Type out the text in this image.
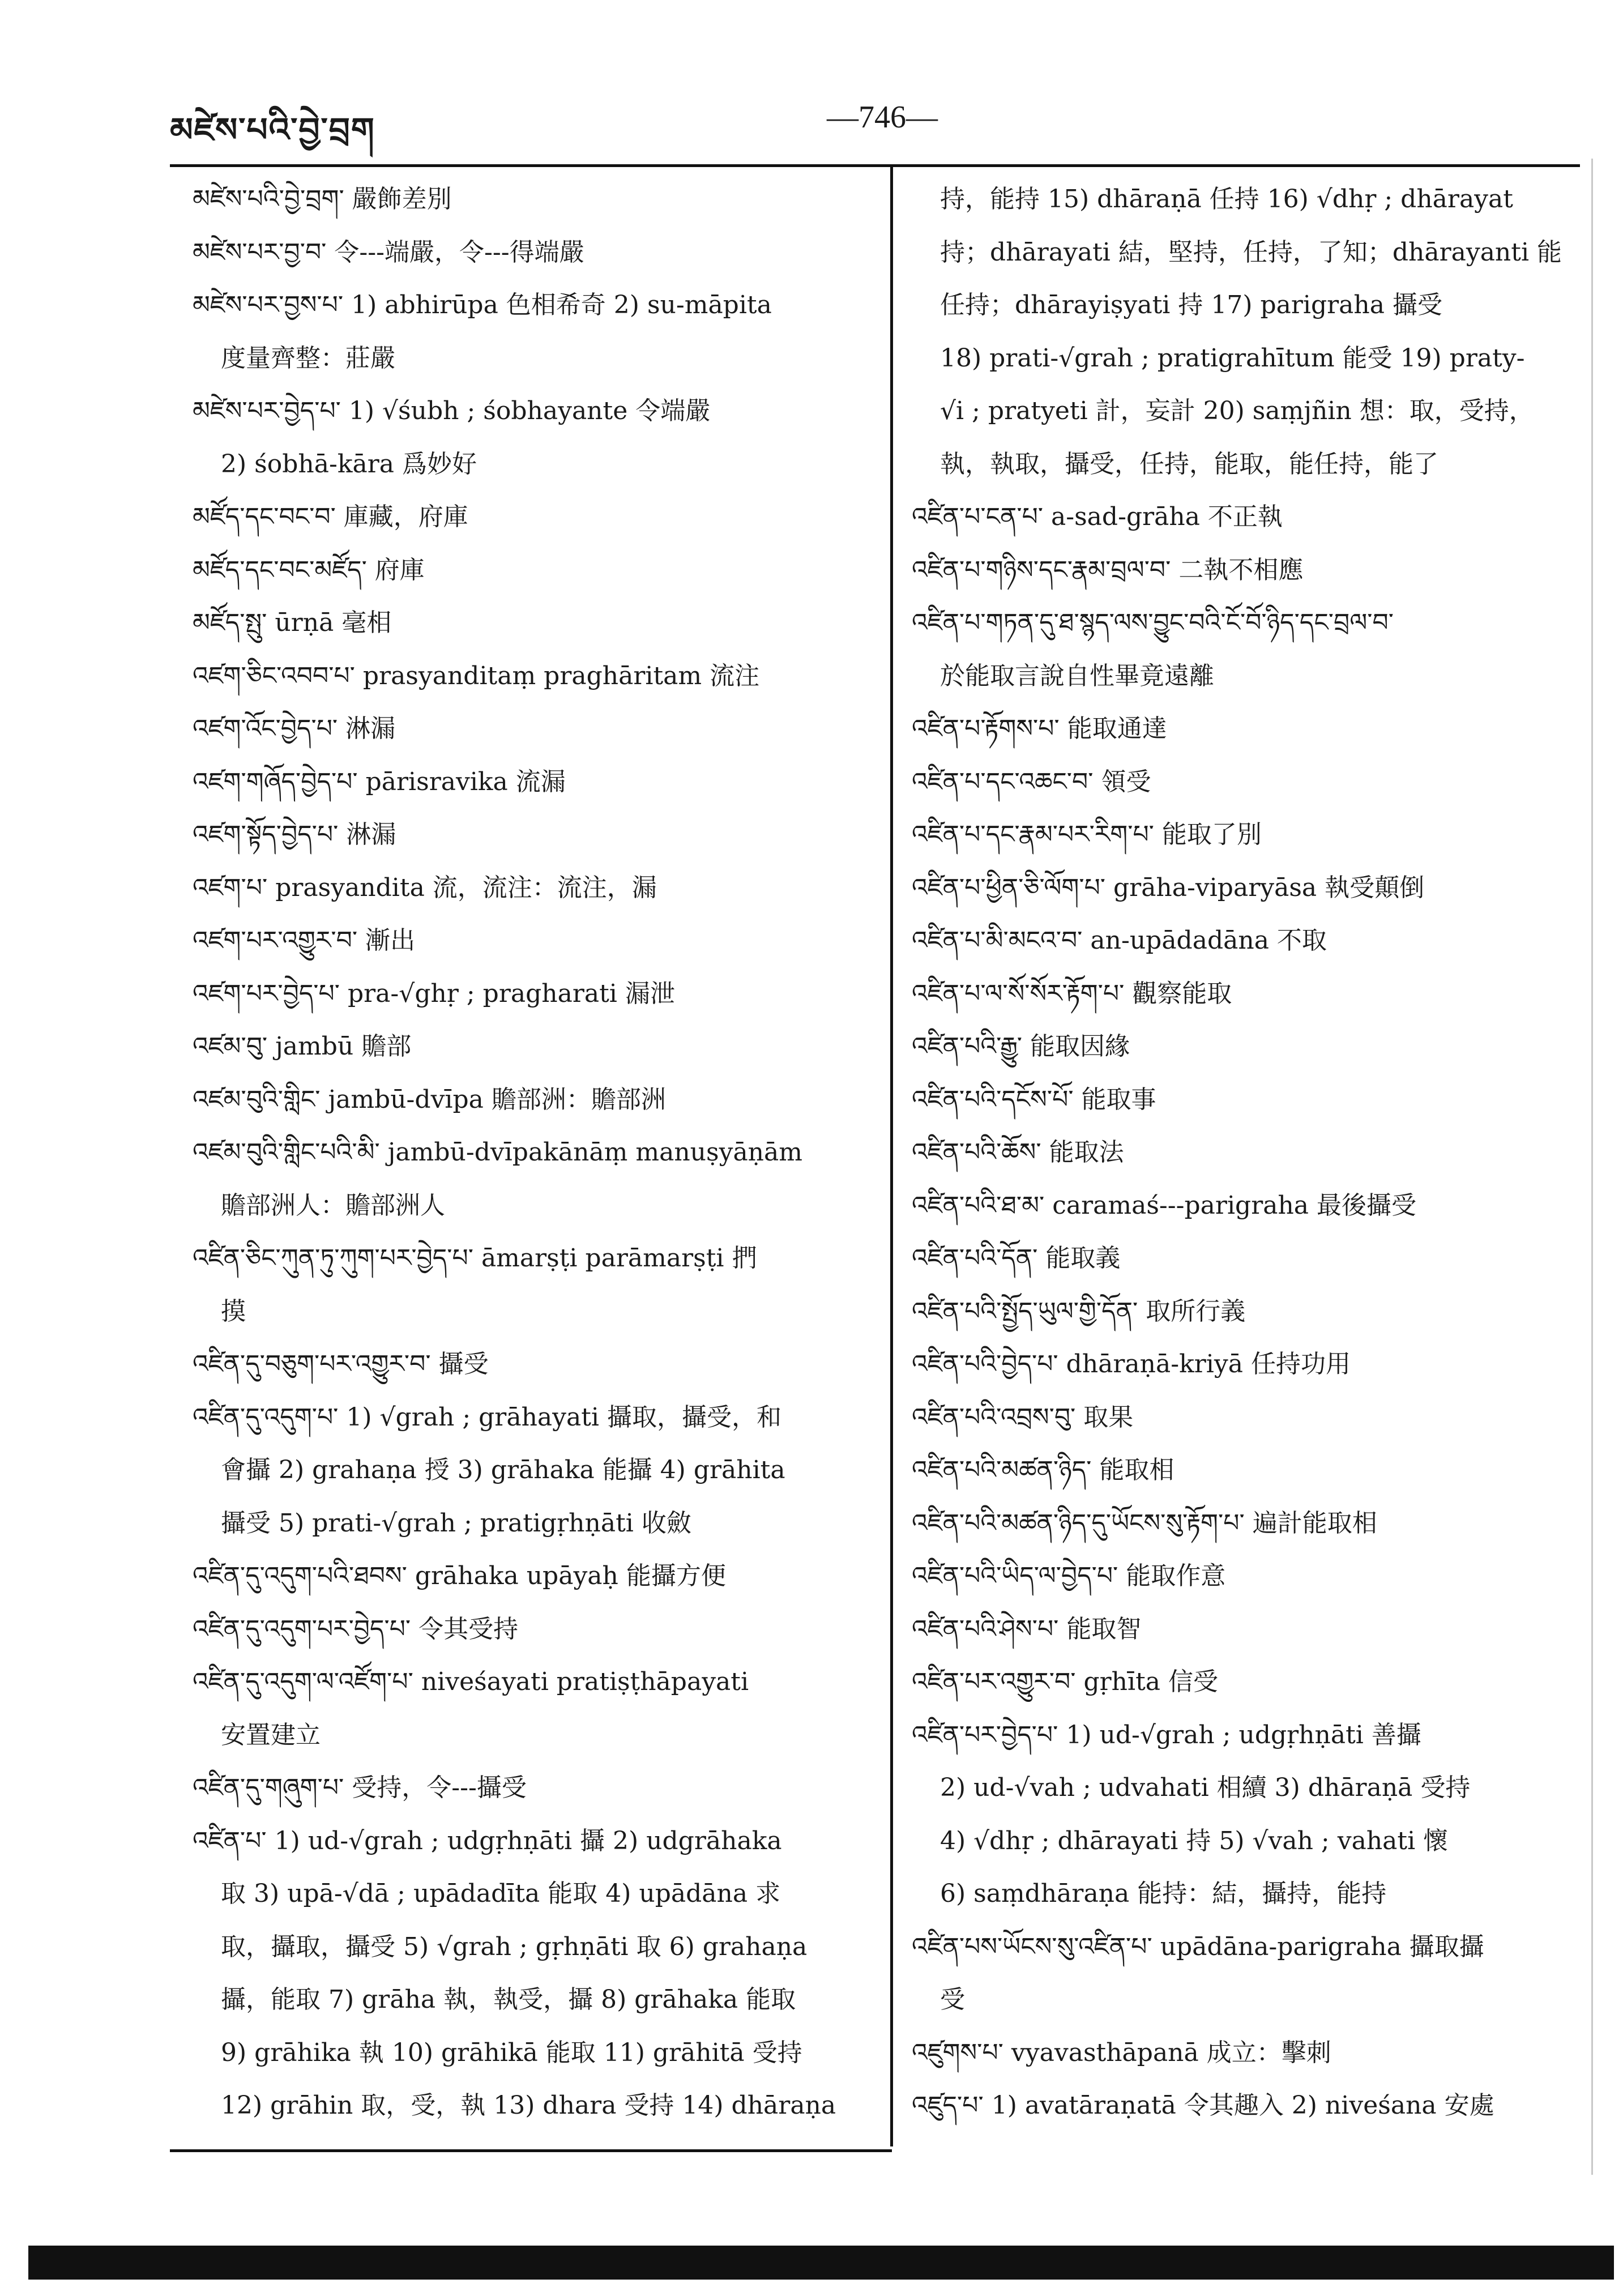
མཛེས་པའི་བྱེ་བྲག	—746—
མཛེས་པའི་བྱེ་བྲག་ 嚴飾差別
མཛེས་པར་བྱ་བ་ 令---端嚴，令---得端嚴
མཛེས་པར་བྱས་པ་ 1) abhirūpa 色相希奇 2) su-māpita
度量齊整：莊嚴
མཛེས་པར་བྱེད་པ་ 1) √śubh ; śobhayante 令端嚴
2) śobhā-kāra 爲妙好
མཛོད་དང་བང་བ་ 庫藏，府庫
མཛོད་དང་བང་མཛོད་ 府庫
མཛོད་སྤུ་ ūrṇā 毫相
འཛག་ཅིང་འབབ་པ་ prasyanditaṃ praghāritam 流注
འཛག་འོང་བྱེད་པ་ 淋漏
འཛག་གཞོད་བྱེད་པ་ pārisravika 流漏
འཛག་སྟོད་བྱེད་པ་ 淋漏
འཛག་པ་ prasyandita 流，流注：流注，漏
འཛག་པར་འགྱུར་བ་ 漸出
འཛག་པར་བྱེད་པ་ pra-√ghṛ ; pragharati 漏泄
འཛམ་བུ་ jambū 贍部
འཛམ་བུའི་གླིང་ jambū-dvīpa 贍部洲：贍部洲
འཛམ་བུའི་གླིང་པའི་མི་ jambū-dvīpakānāṃ manuṣyāṇām
贍部洲人：贍部洲人
འཛིན་ཅིང་ཀུན་ཏུ་ཀུག་པར་བྱེད་པ་ āmarṣṭi parāmarṣṭi 捫
摸
འཛིན་དུ་བཅུག་པར་འགྱུར་བ་ 攝受
འཛིན་དུ་འདུག་པ་ 1) √grah ; grāhayati 攝取，攝受，和
會攝 2) grahaṇa 授 3) grāhaka 能攝 4) grāhita
攝受 5) prati-√grah ; pratigṛhṇāti 收斂
འཛིན་དུ་འདུག་པའི་ཐབས་ grāhaka upāyaḥ 能攝方便
འཛིན་དུ་འདུག་པར་བྱེད་པ་ 令其受持
འཛིན་དུ་འདུག་ལ་འཛོག་པ་ niveśayati pratiṣṭhāpayati
安置建立
འཛིན་དུ་གཞུག་པ་ 受持，令---攝受
འཛིན་པ་ 1) ud-√grah ; udgṛhṇāti 攝 2) udgrāhaka
取 3) upā-√dā ; upādadīta 能取 4) upādāna 求
取，攝取，攝受 5) √grah ; gṛhṇāti 取 6) grahaṇa
攝，能取 7) grāha 執，執受，攝 8) grāhaka 能取
9) grāhika 執 10) grāhikā 能取 11) grāhitā 受持
12) grāhin 取，受，執 13) dhara 受持 14) dhāraṇa
持，能持 15) dhāraṇā 任持 16) √dhṛ ; dhārayat
持；dhārayati 結，堅持，任持，了知；dhārayanti 能
任持；dhārayiṣyati 持 17) parigraha 攝受
18) prati-√grah ; pratigrahītum 能受 19) praty-
√i ; pratyeti 計，妄計 20) saṃjñin 想：取，受持，
執，執取，攝受，任持，能取，能任持，能了
འཛིན་པ་ངན་པ་ a-sad-grāha 不正執
འཛིན་པ་གཉིས་དང་རྣམ་བྲལ་བ་ 二執不相應
འཛིན་པ་གཏན་དུ་ཐ་སྙད་ལས་བྱུང་བའི་ངོ་བོ་ཉིད་དང་བྲལ་བ་
於能取言說自性畢竟遠離
འཛིན་པ་རྟོགས་པ་ 能取通達
འཛིན་པ་དང་འཆང་བ་ 領受
འཛིན་པ་དང་རྣམ་པར་རིག་པ་ 能取了別
འཛིན་པ་ཕྱིན་ཅི་ལོག་པ་ grāha-viparyāsa 執受顛倒
འཛིན་པ་མི་མངའ་བ་ an-upādadāna 不取
འཛིན་པ་ལ་སོ་སོར་རྟོག་པ་ 觀察能取
འཛིན་པའི་རྒྱུ་ 能取因緣
འཛིན་པའི་དངོས་པོ་ 能取事
འཛིན་པའི་ཆོས་ 能取法
འཛིན་པའི་ཐ་མ་ caramaś---parigraha 最後攝受
འཛིན་པའི་དོན་ 能取義
འཛིན་པའི་སྤྱོད་ཡུལ་གྱི་དོན་ 取所行義
འཛིན་པའི་བྱེད་པ་ dhāraṇā-kriyā 任持功用
འཛིན་པའི་འབྲས་བུ་ 取果
འཛིན་པའི་མཚན་ཉིད་ 能取相
འཛིན་པའི་མཚན་ཉིད་དུ་ཡོངས་སུ་རྟོག་པ་ 遍計能取相
འཛིན་པའི་ཡིད་ལ་བྱེད་པ་ 能取作意
འཛིན་པའི་ཤེས་པ་ 能取智
འཛིན་པར་འགྱུར་བ་ gṛhīta 信受
འཛིན་པར་བྱེད་པ་ 1) ud-√grah ; udgṛhṇāti 善攝
2) ud-√vah ; udvahati 相續 3) dhāraṇā 受持
4) √dhṛ ; dhārayati 持 5) √vah ; vahati 懷
6) saṃdhāraṇa 能持：結，攝持，能持
འཛིན་པས་ཡོངས་སུ་འཛིན་པ་ upādāna-parigraha 攝取攝
受
འཛུགས་པ་ vyavasthāpanā 成立：擊刺
འཛུད་པ་ 1) avatāraṇatā 令其趣入 2) niveśana 安處
